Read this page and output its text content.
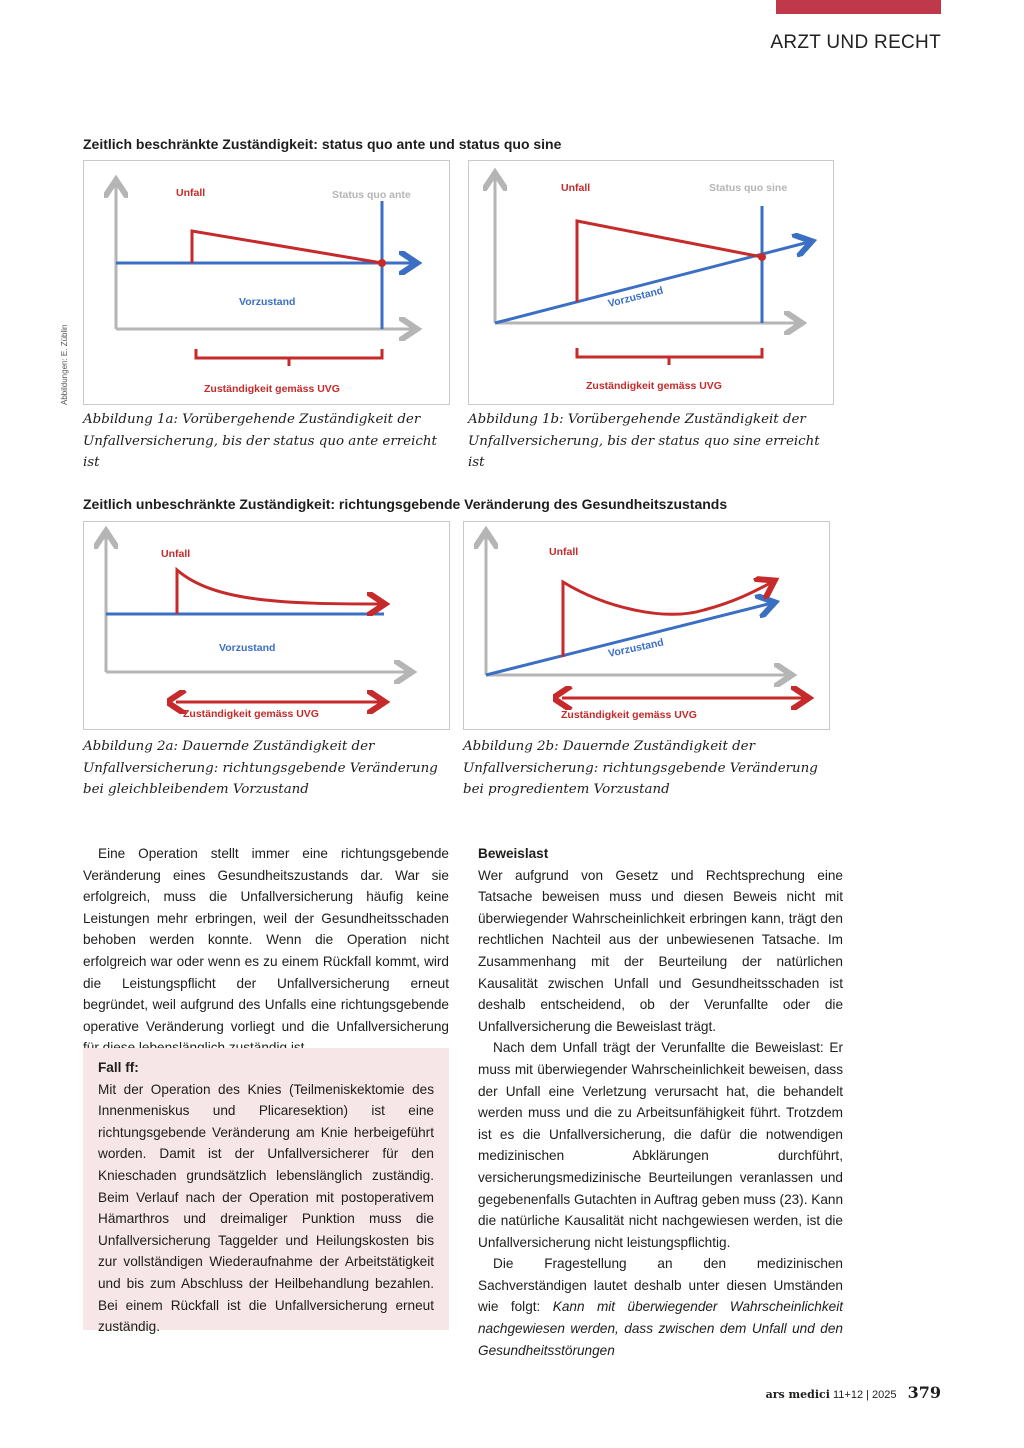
ARZT UND RECHT
Zeitlich beschränkte Zuständigkeit: status quo ante und status quo sine
Abbildungen: E. Züblin
Unfall	Status quo ante
Vorzustand
Zuständigkeit gemäss UVG
Abbildung 1a: Vorübergehende Zuständigkeit der Unfallversicherung, bis der status quo ante erreicht ist
Unfall	Status quo sine
Vorzustand
Zuständigkeit gemäss UVG
Abbildung 1b: Vorübergehende Zuständigkeit der Unfallversicherung, bis der status quo sine erreicht ist
Zeitlich unbeschränkte Zuständigkeit: richtungsgebende Veränderung des Gesundheitszustands
Unfall
Vorzustand
Zuständigkeit gemäss UVG
Abbildung 2a: Dauernde Zuständigkeit der Unfallversicherung: richtungsgebende Veränderung bei gleichbleibendem Vorzustand
Unfall
Vorzustand
Zuständigkeit gemäss UVG
Abbildung 2b: Dauernde Zuständigkeit der Unfallversicherung: richtungsgebende Veränderung bei progredientem Vorzustand

Eine Operation stellt immer eine richtungsgebende Veränderung eines Gesundheitszustands dar. War sie erfolgreich, muss die Unfallversicherung häufig keine Leistungen mehr erbringen, weil der Gesundheitsschaden behoben werden konnte. Wenn die Operation nicht erfolgreich war oder wenn es zu einem Rückfall kommt, wird die Leistungspflicht der Unfallversicherung erneut begründet, weil aufgrund des Unfalls eine richtungsgebende operative Veränderung vorliegt und die Unfallversicherung

Fall ff:

Mit der Operation des Knies (Teilmeniskektomie des Innenmeniskus und Plicaresektion) ist eine richtungsgebende Veränderung am Knie herbeigeführt worden. Damit ist der Unfallversicherer für den Knieschaden grundsätzlich lebenslänglich zuständig. Beim Verlauf nach der Operation mit postoperativem Hämarthros und dreimaliger Punktion muss die Unfallversicherung Taggelder und Heilungskosten bis zur vollständigen Wiederaufnahme der Arbeitstätigkeit und bis zum Abschluss der Heilbehandlung bezahlen. Bei einem Rückfall ist die Unfallversicherung erneut zuständig.

Beweislast

Wer aufgrund von Gesetz und Rechtsprechung eine Tatsache beweisen muss und diesen Beweis nicht mit überwiegender Wahrscheinlichkeit erbringen kann, trägt den rechtlichen Nachteil aus der unbewiesenen Tatsache. Im Zusammenhang mit der Beurteilung der natürlichen Kausalität zwischen Unfall und Gesundheitsschaden ist deshalb entscheidend, ob der Verunfallte oder die Unfallversicherung die Beweislast trägt.

Nach dem Unfall trägt der Verunfallte die Beweislast: Er muss mit überwiegender Wahrscheinlichkeit beweisen, dass der Unfall eine Verletzung verursacht hat, die behandelt werden muss und die zu Arbeitsunfähigkeit führt. Trotzdem ist es die Unfallversicherung, die dafür die notwendigen medizinischen Abklärungen durchführt, versicherungsmedizinische Beurteilungen veranlassen und gegebenenfalls Gutachten in Auftrag geben muss (23). Kann die natürliche Kausalität nicht nachgewiesen werden, ist die Unfallversicherung nicht leistungspflichtig.

Die Fragestellung an den medizinischen Sachverständigen lautet deshalb unter diesen Umständen wie folgt: Kann mit überwiegender Wahrscheinlichkeit nachgewiesen werden, dass zwischen dem Unfall und den Gesundheitsstörungen

ars medici 11+12 | 2025 379
